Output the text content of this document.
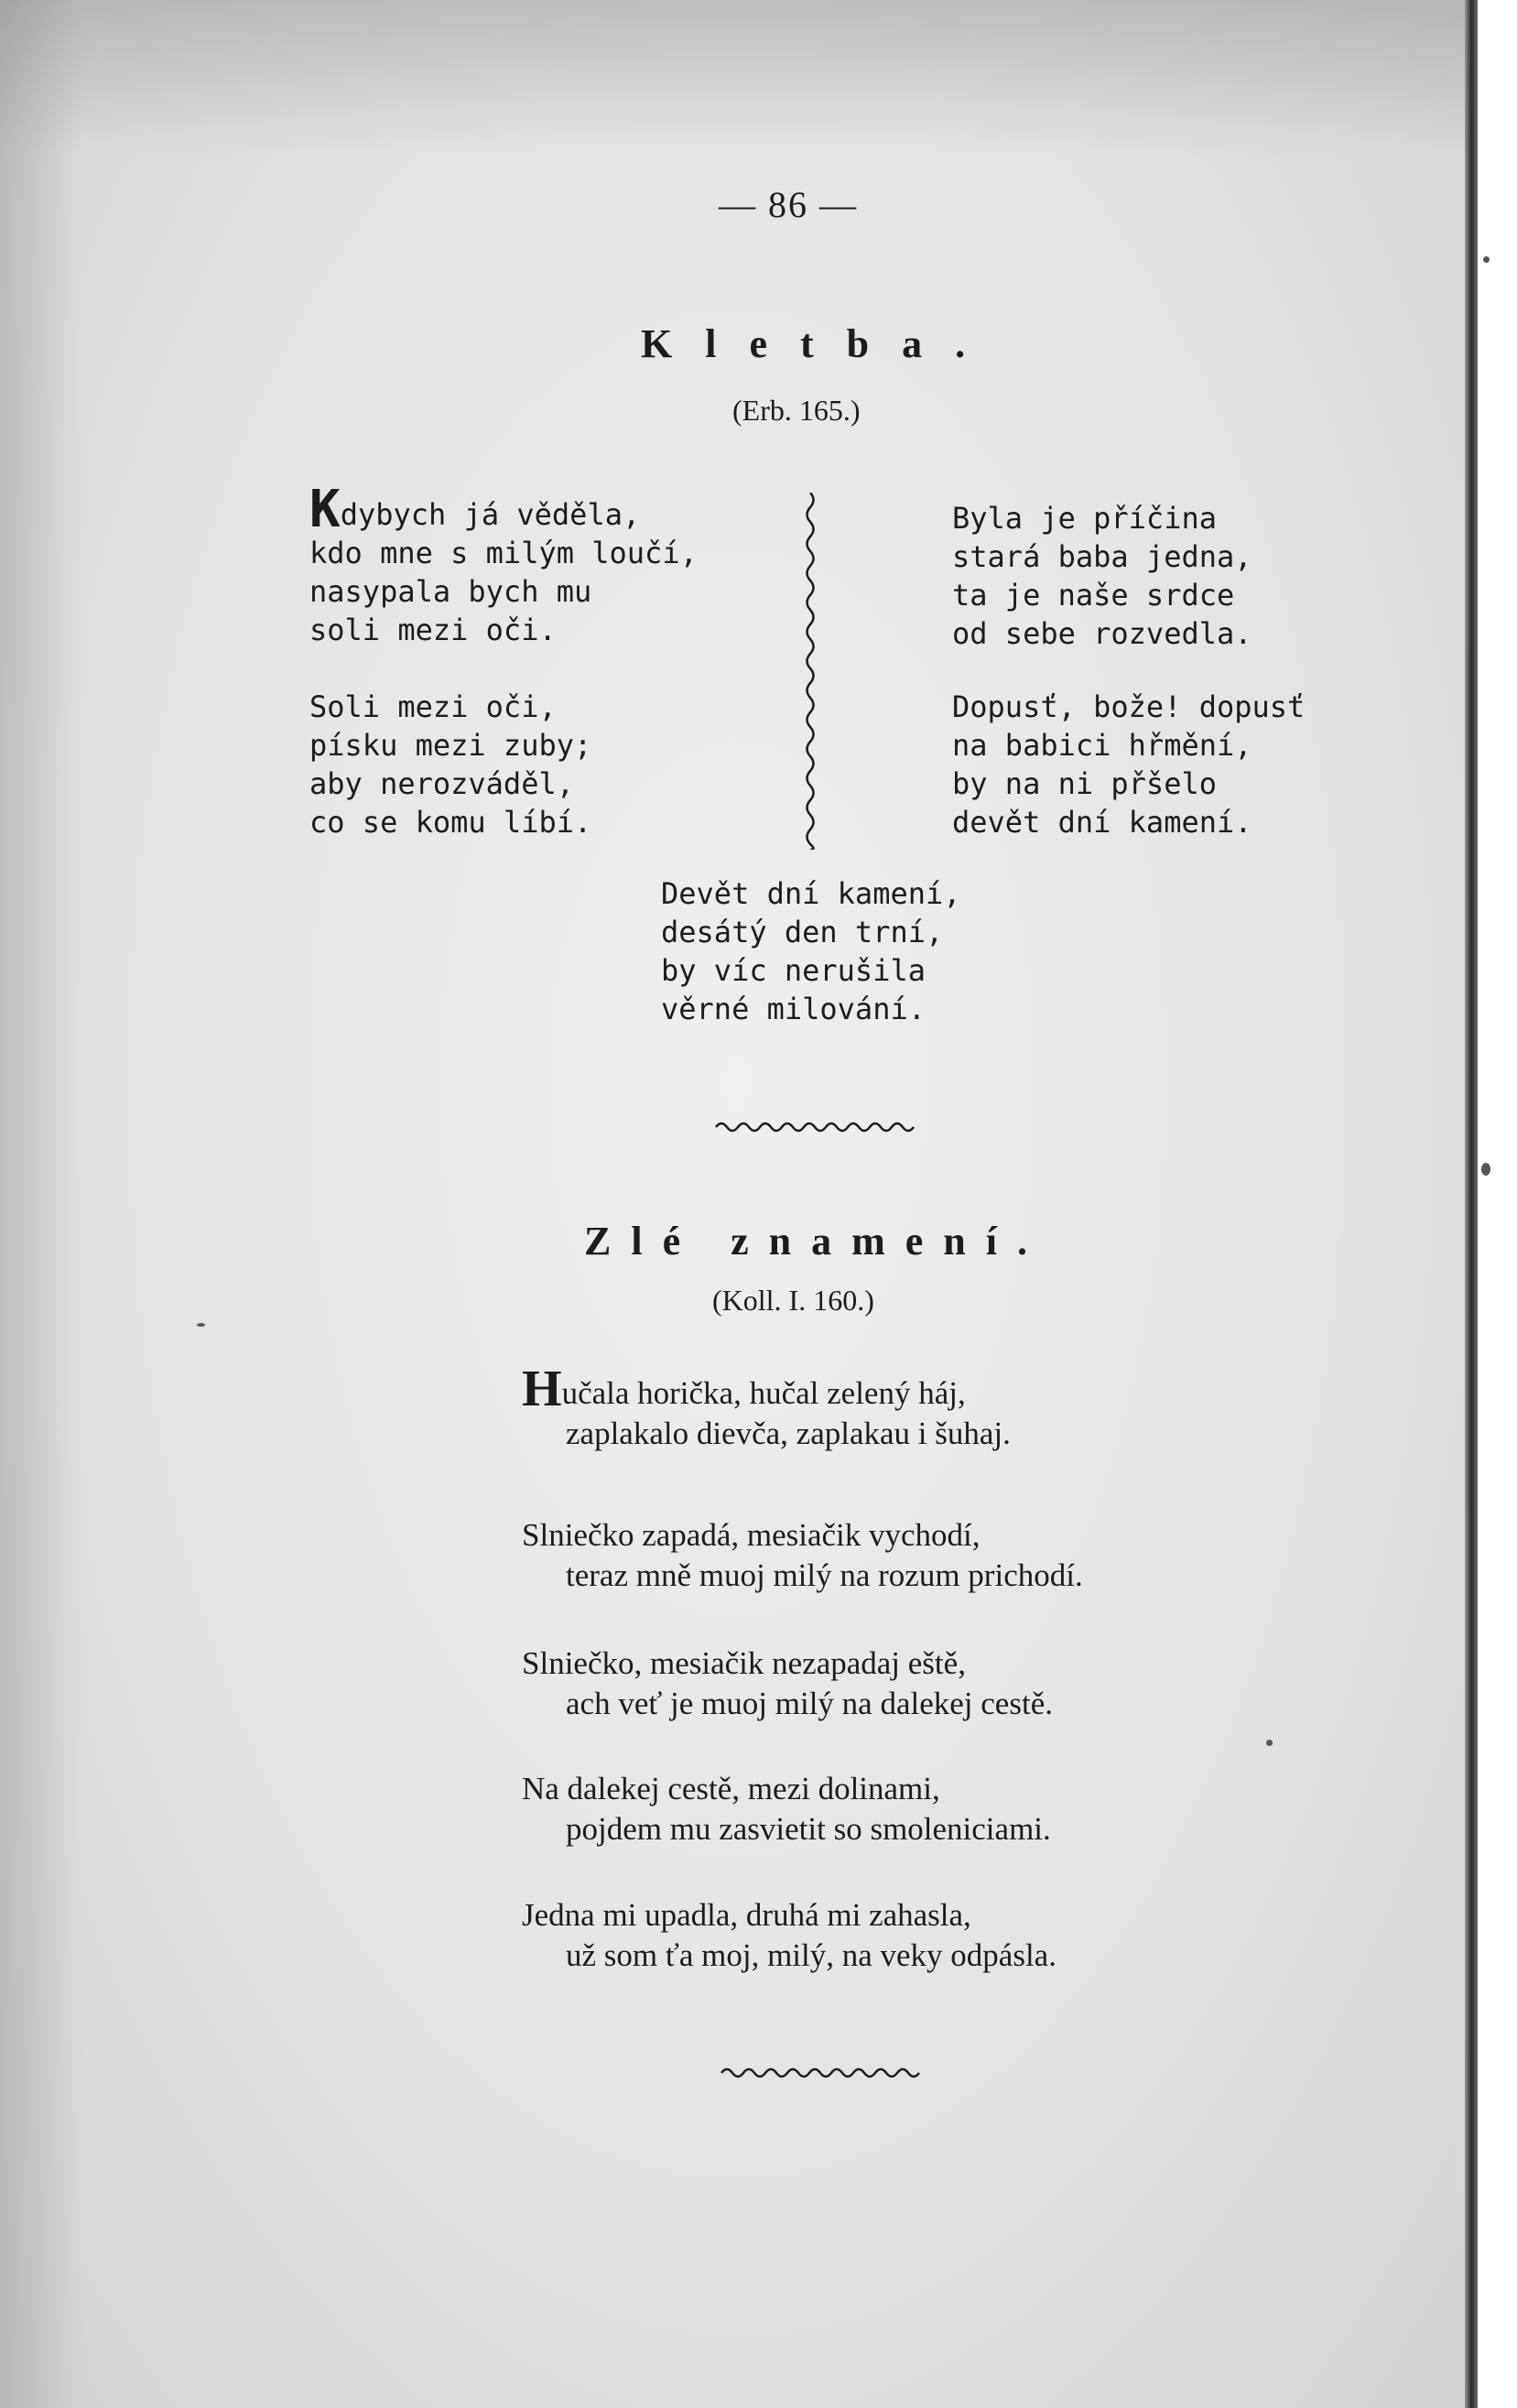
— 86 —
Kletba.
(Erb. 165.)
Kdybych já věděla,
kdo mne s milým loučí,
nasypala bych mu
soli mezi oči.
Soli mezi oči,
písku mezi zuby;
aby nerozváděl,
co se komu líbí.
Byla je příčina
stará baba jedna,
ta je naše srdce
od sebe rozvedla.
Dopusť, bože! dopusť
na babici hřmění,
by na ni přšelo
devět dní kamení.
Devět dní kamení,
desátý den trní,
by víc nerušila
věrné milování.
Zlé znamení.
(Koll. I. 160.)
Hučala horička, hučal zelený háj,
zaplakalo dievča, zaplakau i šuhaj.
Slniečko zapadá, mesiačik vychodí,
teraz mně muoj milý na rozum prichodí.
Slniečko, mesiačik nezapadaj eště,
ach veť je muoj milý na dalekej cestě.
Na dalekej cestě, mezi dolinami,
pojdem mu zasvietit so smoleniciami.
Jedna mi upadla, druhá mi zahasla,
už som ťa moj, milý, na veky odpásla.
